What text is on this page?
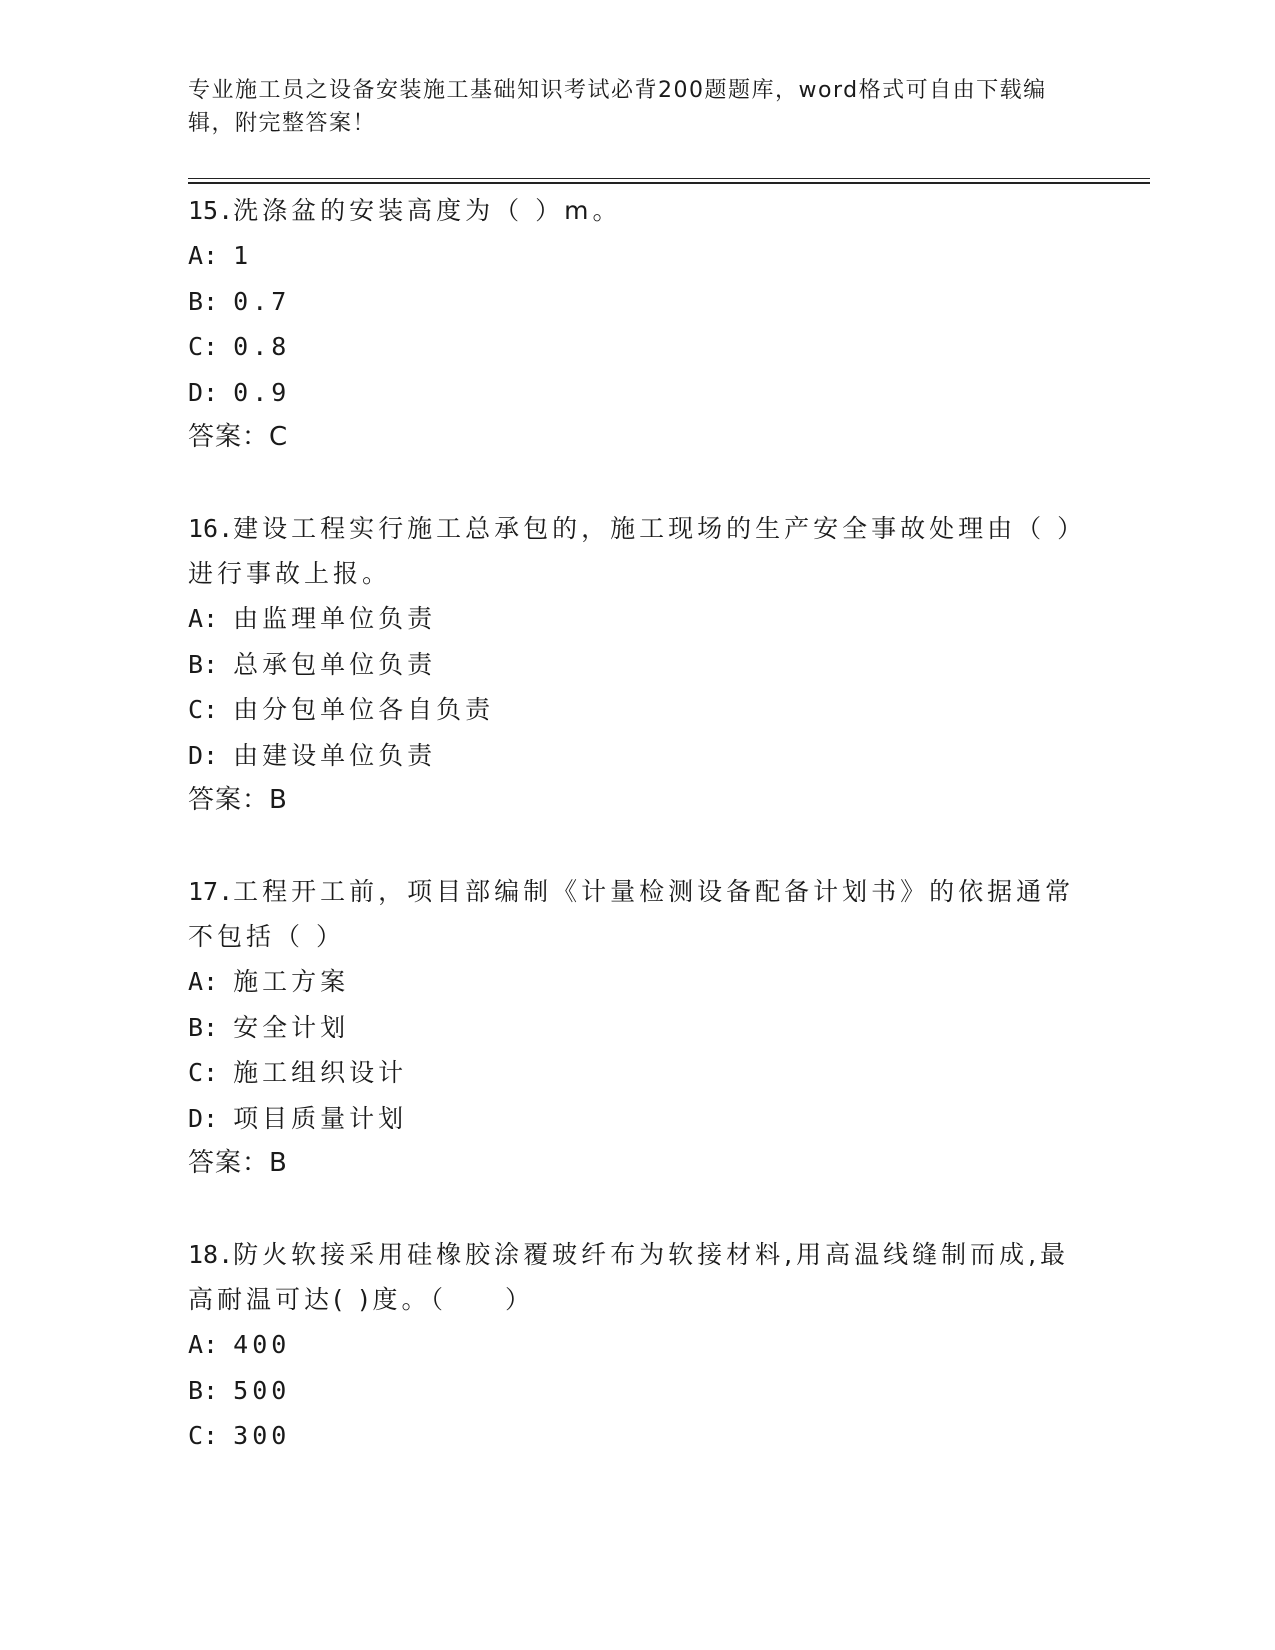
专业施工员之设备安装施工基础知识考试必背200题题库，word格式可自由下载编辑，附完整答案！

15.洗涤盆的安装高度为（ ）m。

A: 1

B: 0.7

C: 0.8

D: 0.9

答案：C

16.建设工程实行施工总承包的，施工现场的生产安全事故处理由（ ）进行事故上报。

A: 由监理单位负责

B: 总承包单位负责

C: 由分包单位各自负责

D: 由建设单位负责

答案：B

17.工程开工前，项目部编制《计量检测设备配备计划书》的依据通常不包括（ ）

A: 施工方案

B: 安全计划

C: 施工组织设计

D: 项目质量计划

答案：B

18.防火软接采用硅橡胶涂覆玻纤布为软接材料,用高温线缝制而成,最高耐温可达( )度。（　　）

A: 400

B: 500

C: 300
